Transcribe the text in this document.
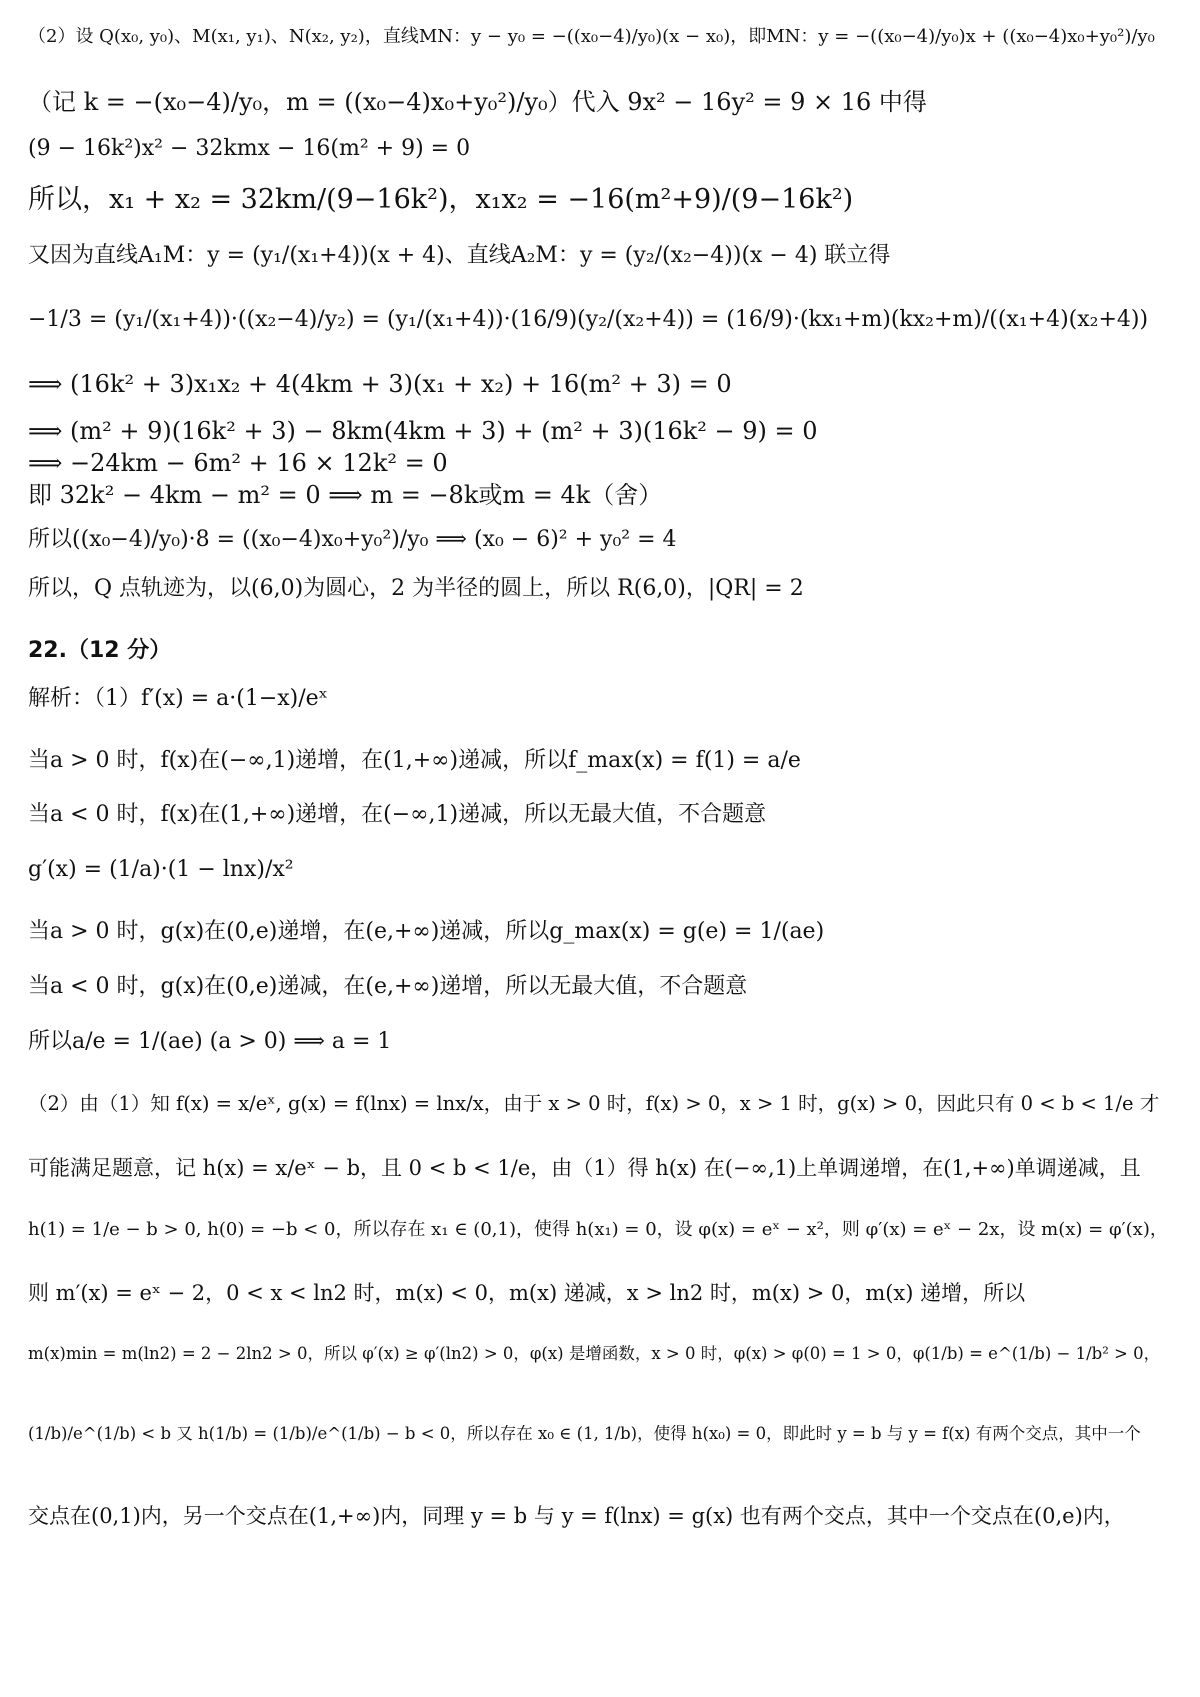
（2）设 Q(x₀, y₀)、M(x₁, y₁)、N(x₂, y₂)，直线MN：y − y₀ = −((x₀−4)/y₀)(x − x₀)，即MN：y = −((x₀−4)/y₀)x + ((x₀−4)x₀+y₀²)/y₀
（记 k = −(x₀−4)/y₀，m = ((x₀−4)x₀+y₀²)/y₀）代入 9x² − 16y² = 9 × 16 中得
(9 − 16k²)x² − 32kmx − 16(m² + 9) = 0
所以，x₁ + x₂ = 32km/(9−16k²)，x₁x₂ = −16(m²+9)/(9−16k²)
又因为直线A₁M：y = (y₁/(x₁+4))(x + 4)、直线A₂M：y = (y₂/(x₂−4))(x − 4) 联立得
−1/3 = (y₁/(x₁+4))·((x₂−4)/y₂) = (y₁/(x₁+4))·(16/9)(y₂/(x₂+4)) = (16/9)·(kx₁+m)(kx₂+m)/((x₁+4)(x₂+4))
⟹ (16k² + 3)x₁x₂ + 4(4km + 3)(x₁ + x₂) + 16(m² + 3) = 0
⟹ (m² + 9)(16k² + 3) − 8km(4km + 3) + (m² + 3)(16k² − 9) = 0
⟹ −24km − 6m² + 16 × 12k² = 0
即 32k² − 4km − m² = 0 ⟹ m = −8k或m = 4k（舍）
所以((x₀−4)/y₀)·8 = ((x₀−4)x₀+y₀²)/y₀ ⟹ (x₀ − 6)² + y₀² = 4
所以，Q 点轨迹为，以(6,0)为圆心，2 为半径的圆上，所以 R(6,0)，|QR| = 2
22.（12 分）
解析：（1）f′(x) = a·(1−x)/eˣ
当a > 0 时，f(x)在(−∞,1)递增，在(1,+∞)递减，所以f_max(x) = f(1) = a/e
当a < 0 时，f(x)在(1,+∞)递增，在(−∞,1)递减，所以无最大值，不合题意
g′(x) = (1/a)·(1 − lnx)/x²
当a > 0 时，g(x)在(0,e)递增，在(e,+∞)递减，所以g_max(x) = g(e) = 1/(ae)
当a < 0 时，g(x)在(0,e)递减，在(e,+∞)递增，所以无最大值，不合题意
所以a/e = 1/(ae) (a > 0) ⟹ a = 1
（2）由（1）知 f(x) = x/eˣ, g(x) = f(lnx) = lnx/x，由于 x > 0 时，f(x) > 0，x > 1 时，g(x) > 0，因此只有 0 < b < 1/e 才
可能满足题意，记 h(x) = x/eˣ − b，且 0 < b < 1/e，由（1）得 h(x) 在(−∞,1)上单调递增，在(1,+∞)单调递减，且
h(1) = 1/e − b > 0, h(0) = −b < 0，所以存在 x₁ ∈ (0,1)，使得 h(x₁) = 0，设 φ(x) = eˣ − x²，则 φ′(x) = eˣ − 2x，设 m(x) = φ′(x)，
则 m′(x) = eˣ − 2，0 < x < ln2 时，m(x) < 0，m(x) 递减，x > ln2 时，m(x) > 0，m(x) 递增，所以
m(x)min = m(ln2) = 2 − 2ln2 > 0，所以 φ′(x) ≥ φ′(ln2) > 0，φ(x) 是增函数，x > 0 时，φ(x) > φ(0) = 1 > 0，φ(1/b) = e^(1/b) − 1/b² > 0，
(1/b)/e^(1/b) < b 又 h(1/b) = (1/b)/e^(1/b) − b < 0，所以存在 x₀ ∈ (1, 1/b)，使得 h(x₀) = 0，即此时 y = b 与 y = f(x) 有两个交点，其中一个
交点在(0,1)内，另一个交点在(1,+∞)内，同理 y = b 与 y = f(lnx) = g(x) 也有两个交点，其中一个交点在(0,e)内，
